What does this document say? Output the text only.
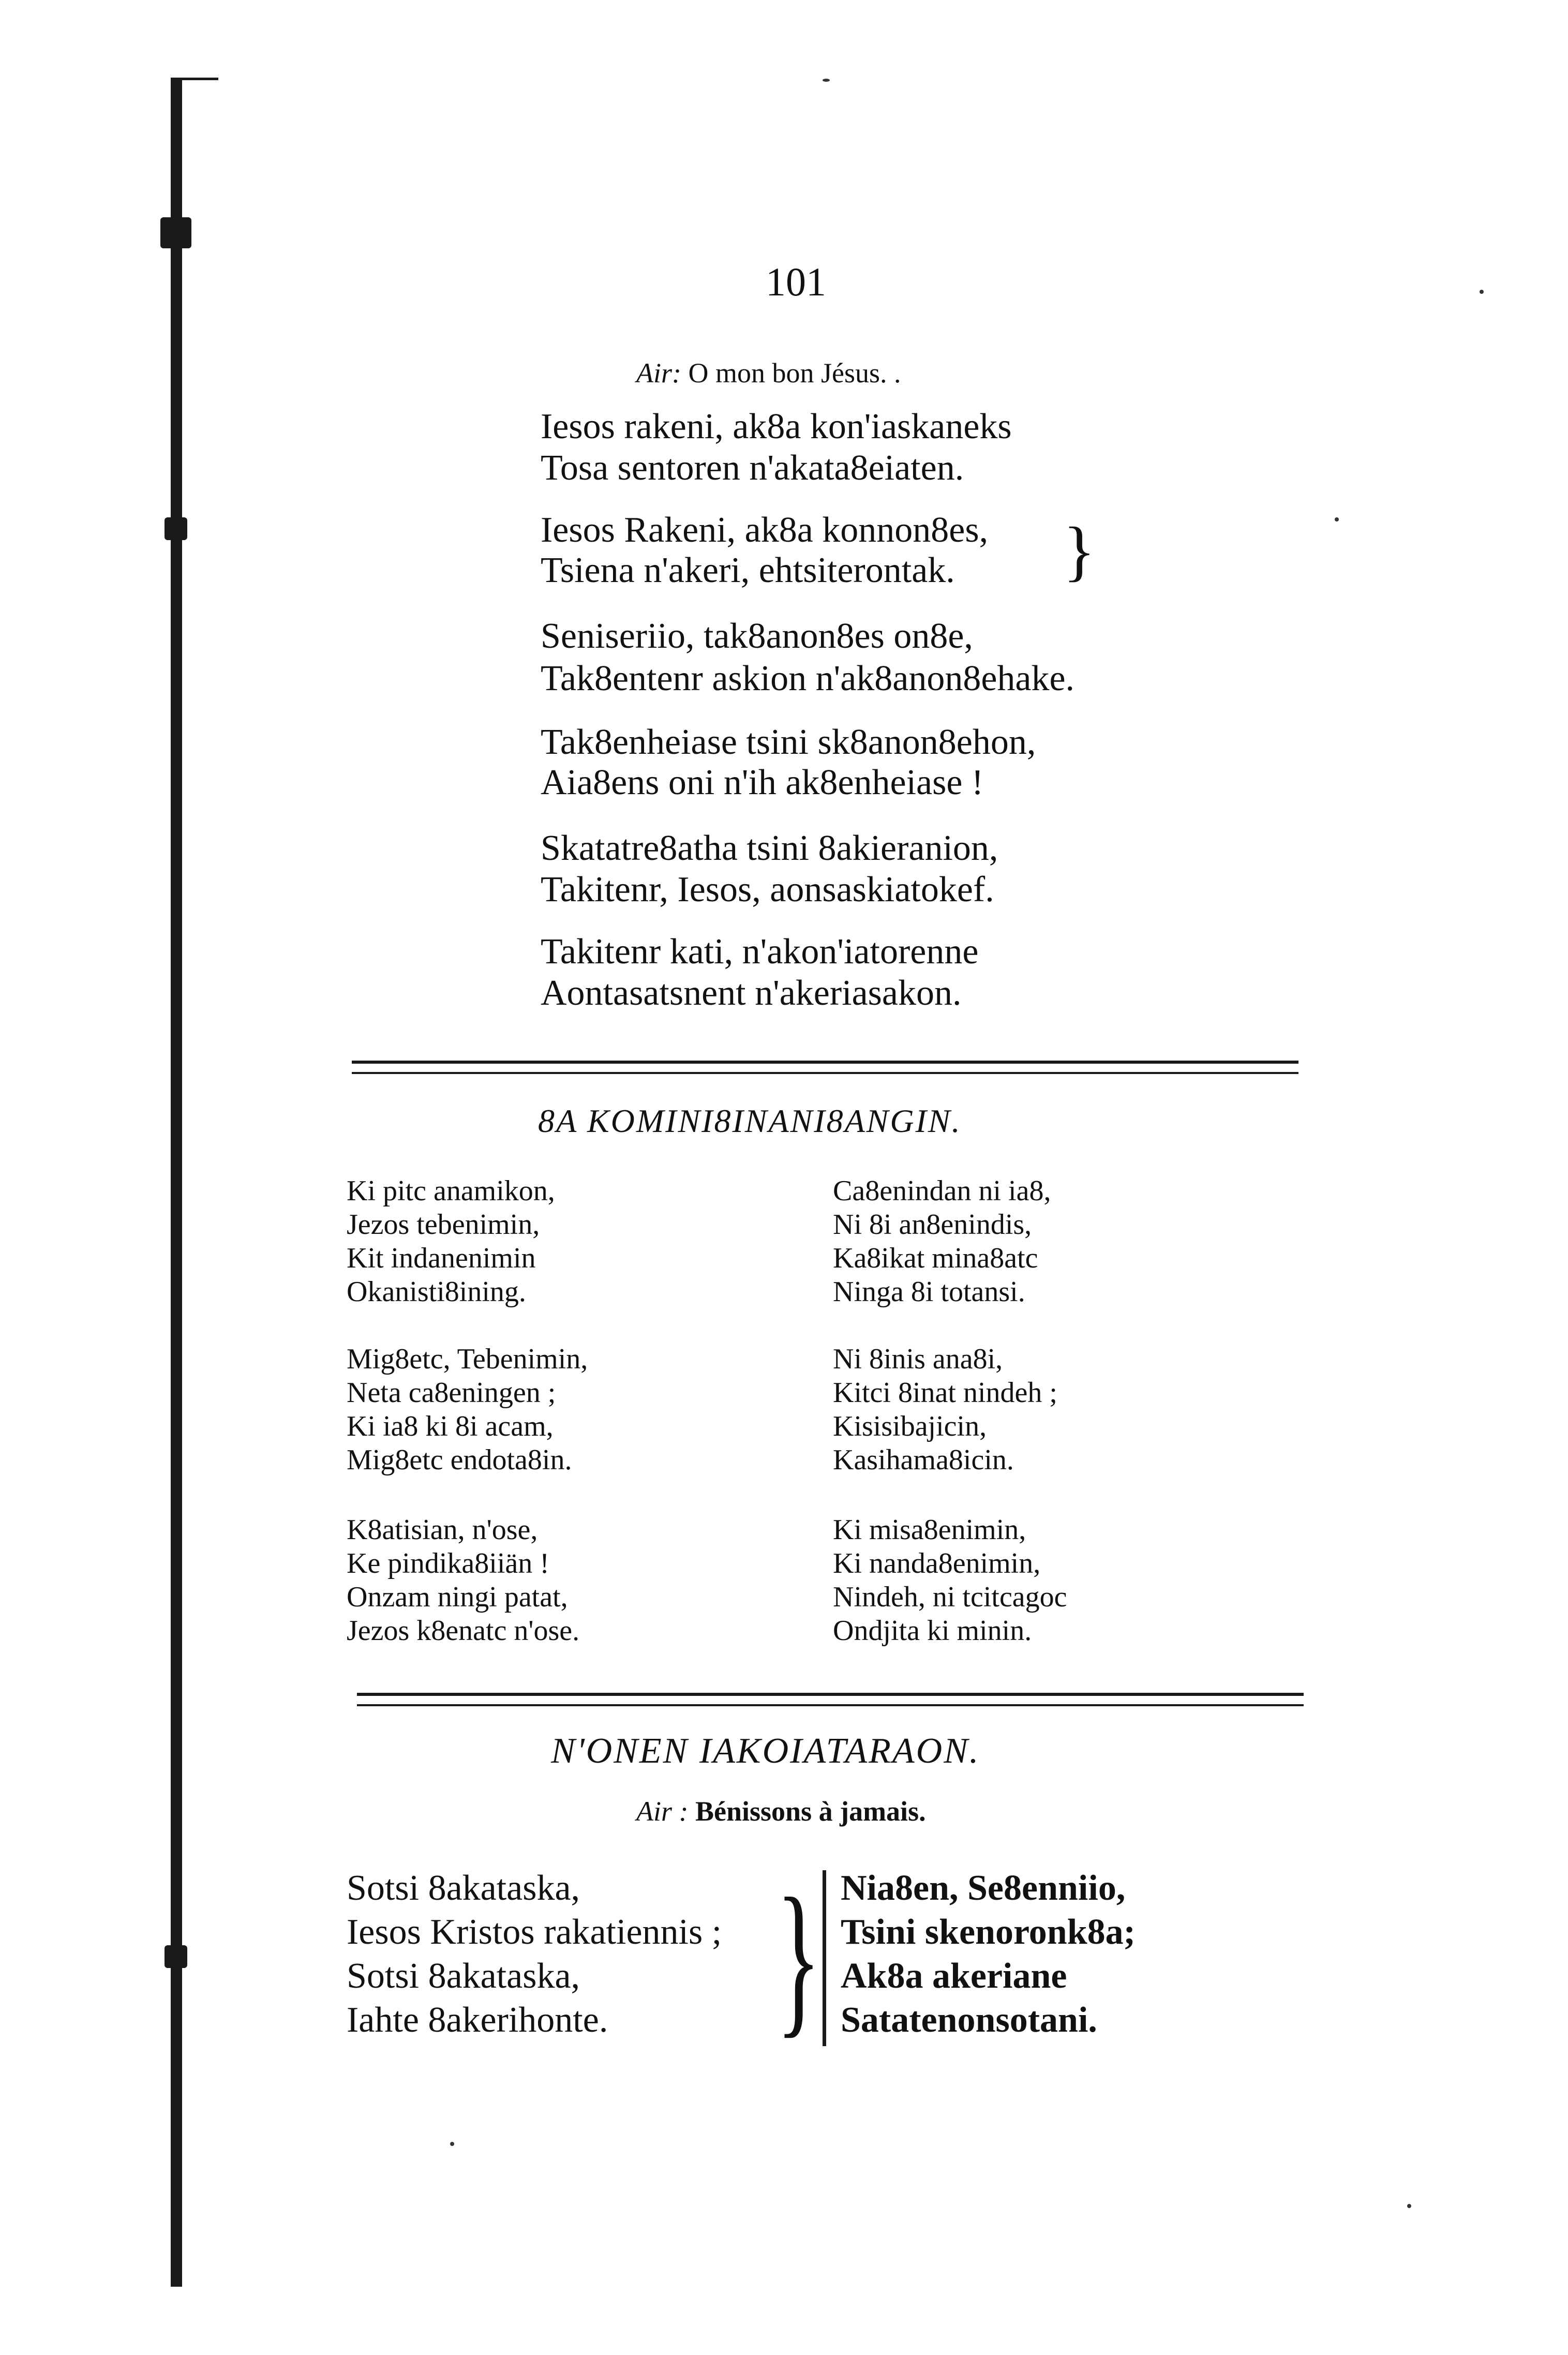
101
Air: O mon bon Jésus. .
Iesos rakeni, ak8a kon'iaskaneks
Tosa sentoren n'akata8eiaten.
Iesos Rakeni, ak8a konnon8es,
Tsiena n'akeri, ehtsiterontak. }
Seniseriio, tak8anon8es on8e,
Tak8entenr askion n'ak8anon8ehake.
Tak8enheiase tsini sk8anon8ehon,
Aia8ens oni n'ih ak8enheiase !
Skatatre8atha tsini 8akieranion,
Takitenr, Iesos, aonsaskiatokef.
Takitenr kati, n'akon'iatorenne
Aontasatsnent n'akeriasakon.
8A KOMINI8INANI8ANGIN.
Ki pitc anamikon,
Jezos tebenimin,
Kit indanenimin
Okanisti8ining.
Mig8etc, Tebenimin,
Neta ca8eningen ;
Ki ia8 ki 8i acam,
Mig8etc endota8in.
K8atisian, n'ose,
Ke pindika8iiän !
Onzam ningi patat,
Jezos k8enatc n'ose.
Ca8enindan ni ia8,
Ni 8i an8enindis,
Ka8ikat mina8atc
Ninga 8i totansi.
Ni 8inis ana8i,
Kitci 8inat nindeh ;
Kisisibajicin,
Kasihama8icin.
Ki misa8enimin,
Ki nanda8enimin,
Nindeh, ni tcitcagoc
Ondjita ki minin.
N'ONEN IAKOIATARAON.
Air : Bénissons à jamais.
Sotsi 8akataska,
Iesos Kristos rakatiennis ;
Sotsi 8akataska,
Iahte 8akerihonte. } Nia8en, Se8enniio,
Tsini skenoronk8a;
Ak8a akeriane
Satatenonsotani.
